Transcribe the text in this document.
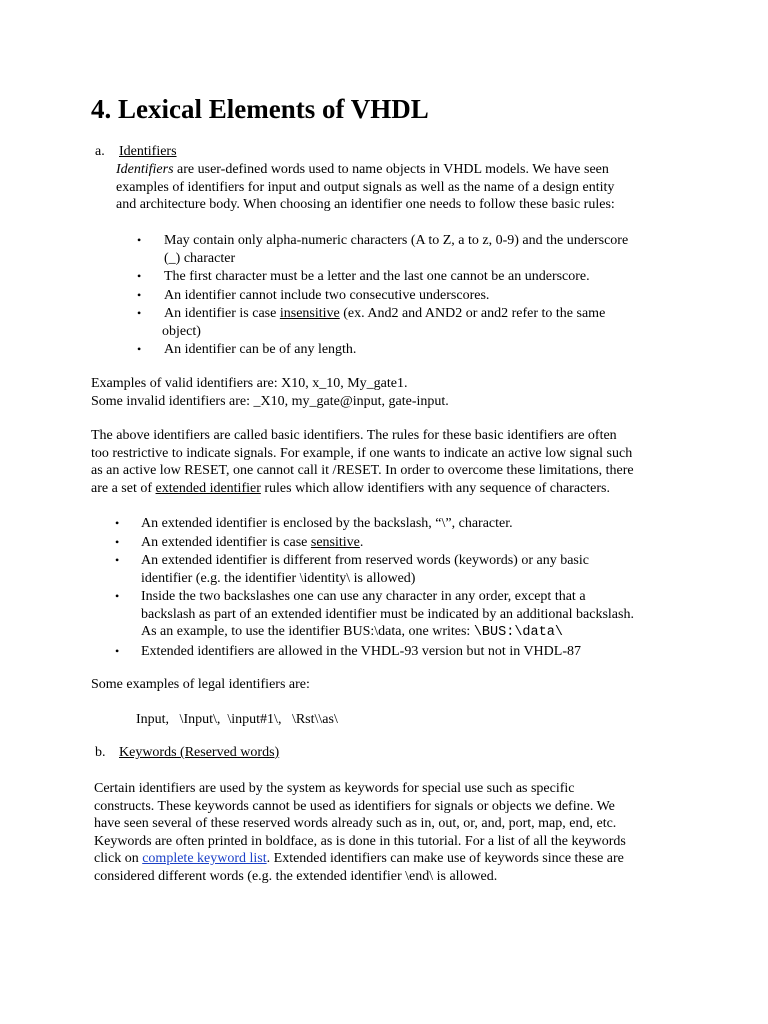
4. Lexical Elements of VHDL
a. Identifiers
Identifiers are user-defined words used to name objects in VHDL models. We have seen
examples of identifiers for input and output signals as well as the name of a design entity
and architecture body. When choosing an identifier one needs to follow these basic rules:
• May contain only alpha-numeric characters (A to Z, a to z, 0-9) and the underscore
(_) character
• The first character must be a letter and the last one cannot be an underscore.
• An identifier cannot include two consecutive underscores.
• An identifier is case insensitive (ex. And2 and AND2 or and2 refer to the same
object)
• An identifier can be of any length.
Examples of valid identifiers are: X10, x_10, My_gate1.
Some invalid identifiers are: _X10, my_gate@input, gate-input.
The above identifiers are called basic identifiers. The rules for these basic identifiers are often
too restrictive to indicate signals. For example, if one wants to indicate an active low signal such
as an active low RESET, one cannot call it /RESET. In order to overcome these limitations, there
are a set of extended identifier rules which allow identifiers with any sequence of characters.
• An extended identifier is enclosed by the backslash, “\”, character.
• An extended identifier is case sensitive.
• An extended identifier is different from reserved words (keywords) or any basic
identifier (e.g. the identifier \identity\ is allowed)
• Inside the two backslashes one can use any character in any order, except that a
backslash as part of an extended identifier must be indicated by an additional backslash.
As an example, to use the identifier BUS:\data, one writes: \BUS:\data\
• Extended identifiers are allowed in the VHDL-93 version but not in VHDL-87
Some examples of legal identifiers are:
Input,   \Input\,  \input#1\,   \Rst\\as\
b. Keywords (Reserved words)
Certain identifiers are used by the system as keywords for special use such as specific
constructs. These keywords cannot be used as identifiers for signals or objects we define. We
have seen several of these reserved words already such as in, out, or, and, port, map, end, etc.
Keywords are often printed in boldface, as is done in this tutorial. For a list of all the keywords
click on complete keyword list. Extended identifiers can make use of keywords since these are
considered different words (e.g. the extended identifier \end\ is allowed.
